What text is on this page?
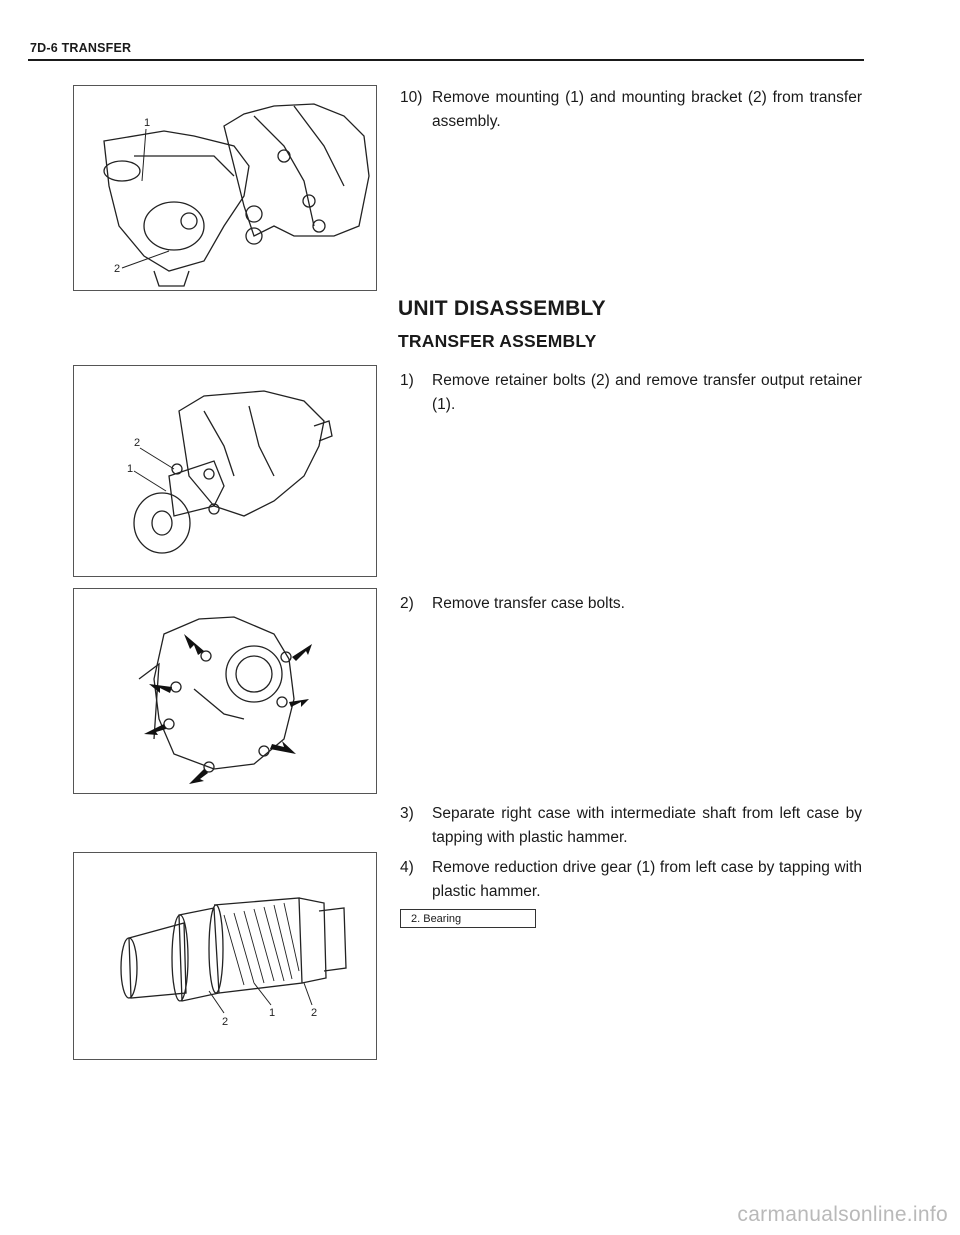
7D-6 TRANSFER
1
2
10) Remove mounting (1) and mounting bracket (2) from transfer assembly.
UNIT DISASSEMBLY
TRANSFER ASSEMBLY
2
1
1)	Remove retainer bolts (2) and remove transfer output retainer (1).
2)	Remove transfer case bolts.
3)	Separate right case with intermediate shaft from left case by tapping with plastic hammer.
2
1	2
4)	Remove reduction drive gear (1) from left case by tapping with plastic hammer.
2. Bearing
carmanualsonline.info
